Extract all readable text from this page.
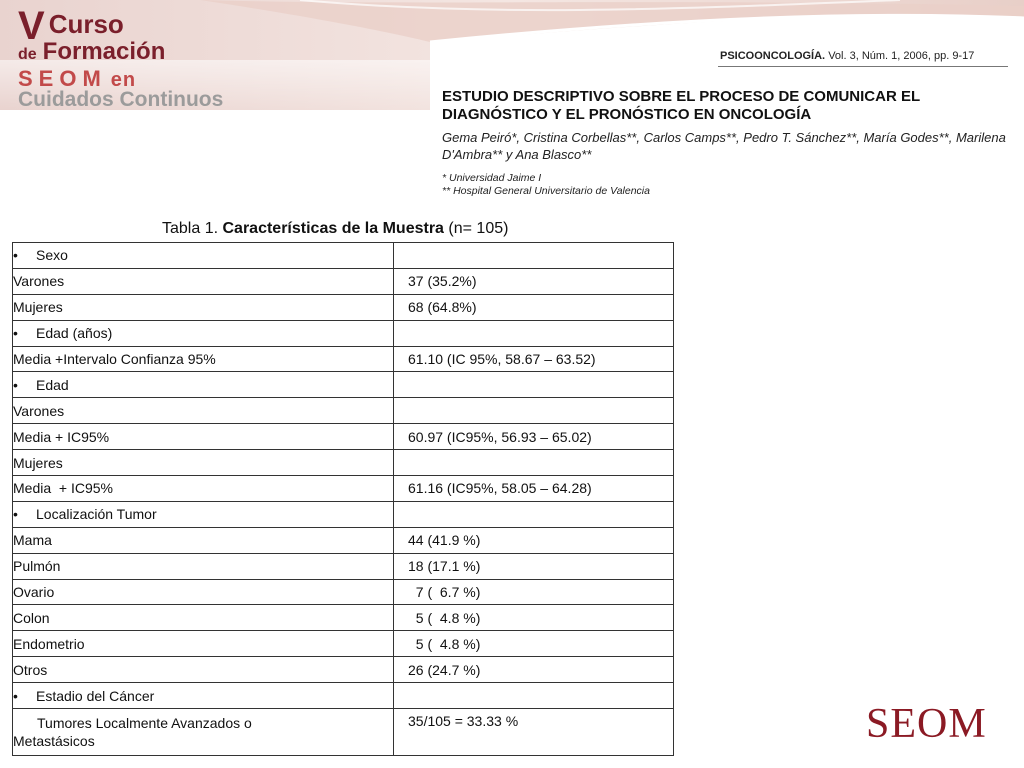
V Curso
de Formación
SEOM en
Cuidados Continuos
PSICOONCOLOGÍA. Vol. 3, Núm. 1, 2006, pp. 9-17
ESTUDIO DESCRIPTIVO SOBRE EL PROCESO DE COMUNICAR EL DIAGNÓSTICO Y EL PRONÓSTICO EN ONCOLOGÍA
Gema Peiró*, Cristina Corbellas**, Carlos Camps**, Pedro T. Sánchez**, María Godes**, Marilena D'Ambra** y Ana Blasco**
* Universidad Jaime I
** Hospital General Universitario de Valencia
Tabla 1. Características de la Muestra (n= 105)
• Sexo	
Varones	37 (35.2%)
Mujeres	68 (64.8%)
• Edad (años)	
Media +Intervalo Confianza 95%	61.10 (IC 95%, 58.67 – 63.52)
• Edad	
Varones	
Media + IC95%	60.97 (IC95%, 56.93 – 65.02)
Mujeres	
Media  + IC95%	61.16 (IC95%, 58.05 – 64.28)
• Localización Tumor	
Mama	44 (41.9 %)
Pulmón	18 (17.1 %)
Ovario	7 (  6.7 %)
Colon	5 (  4.8 %)
Endometrio	5 (  4.8 %)
Otros	26 (24.7 %)
• Estadio del Cáncer	

Tumores Localmente Avanzados o
Metastásicos	35/105 = 33.33 %	SEOM
